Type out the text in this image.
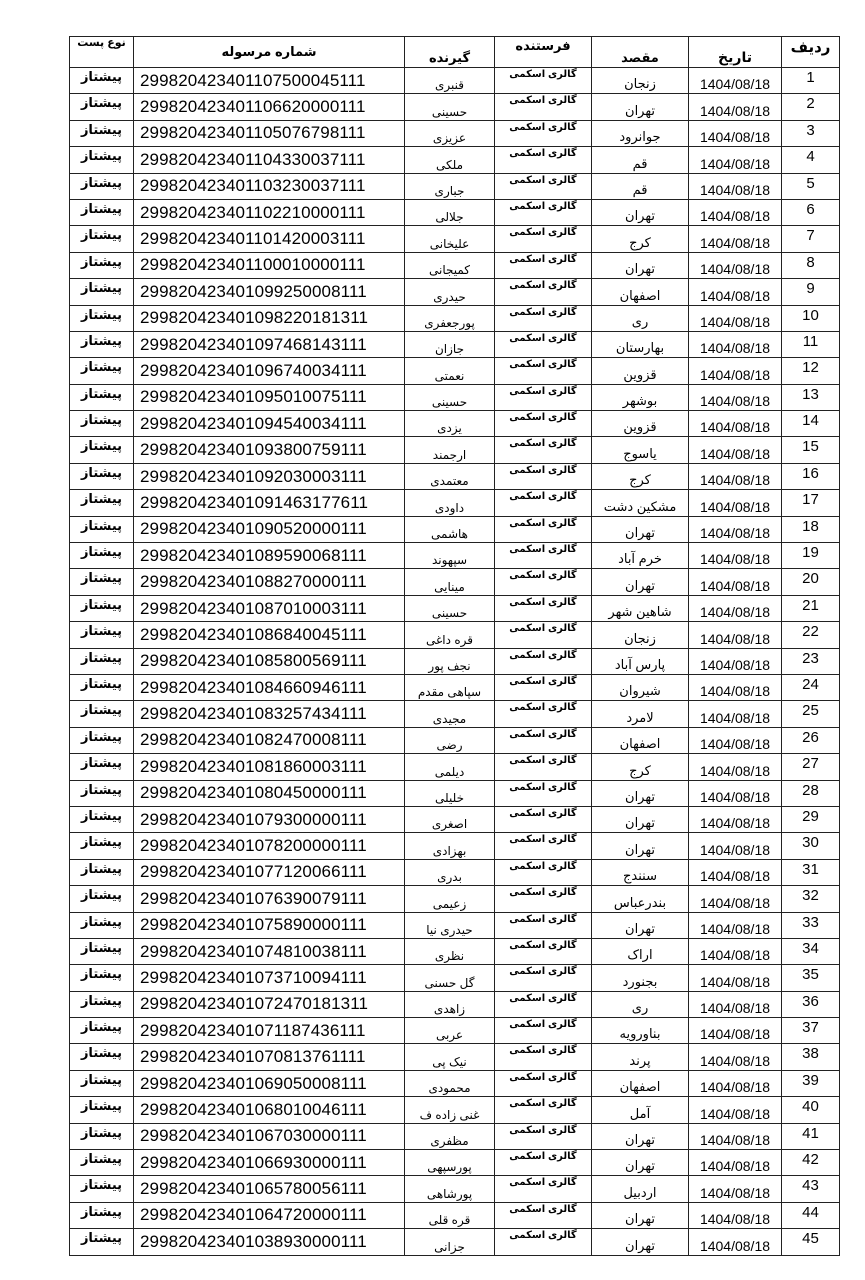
ردیف	تاریخ	مقصد	فرستنده	گیرنده	شماره مرسوله	نوع پست
1	1404/08/18	زنجان	گالری اسکمی	قنبری	299820423401107500045111	پیشتاز
2	1404/08/18	تهران	گالری اسکمی	حسینی	299820423401106620000111	پیشتاز
3	1404/08/18	جوانرود	گالری اسکمی	عزیزی	299820423401105076798111	پیشتاز
4	1404/08/18	قم	گالری اسکمی	ملکی	299820423401104330037111	پیشتاز
5	1404/08/18	قم	گالری اسکمی	جباری	299820423401103230037111	پیشتاز
6	1404/08/18	تهران	گالری اسکمی	جلالی	299820423401102210000111	پیشتاز
7	1404/08/18	کرج	گالری اسکمی	علیخانی	299820423401101420003111	پیشتاز
8	1404/08/18	تهران	گالری اسکمی	کمیجانی	299820423401100010000111	پیشتاز
9	1404/08/18	اصفهان	گالری اسکمی	حیدری	299820423401099250008111	پیشتاز
10	1404/08/18	ری	گالری اسکمی	پورجعفری	299820423401098220181311	پیشتاز
11	1404/08/18	بهارستان	گالری اسکمی	جازان	299820423401097468143111	پیشتاز
12	1404/08/18	قزوین	گالری اسکمی	نعمتی	299820423401096740034111	پیشتاز
13	1404/08/18	بوشهر	گالری اسکمی	حسینی	299820423401095010075111	پیشتاز
14	1404/08/18	قزوین	گالری اسکمی	یزدی	299820423401094540034111	پیشتاز
15	1404/08/18	یاسوج	گالری اسکمی	ارجمند	299820423401093800759111	پیشتاز
16	1404/08/18	کرج	گالری اسکمی	معتمدی	299820423401092030003111	پیشتاز
17	1404/08/18	مشکین دشت	گالری اسکمی	داودی	299820423401091463177611	پیشتاز
18	1404/08/18	تهران	گالری اسکمی	هاشمی	299820423401090520000111	پیشتاز
19	1404/08/18	خرم آباد	گالری اسکمی	سپهوند	299820423401089590068111	پیشتاز
20	1404/08/18	تهران	گالری اسکمی	مینایی	299820423401088270000111	پیشتاز
21	1404/08/18	شاهین شهر	گالری اسکمی	حسینی	299820423401087010003111	پیشتاز
22	1404/08/18	زنجان	گالری اسکمی	قره داغی	299820423401086840045111	پیشتاز
23	1404/08/18	پارس آباد	گالری اسکمی	نجف پور	299820423401085800569111	پیشتاز
24	1404/08/18	شیروان	گالری اسکمی	سپاهی مقدم	299820423401084660946111	پیشتاز
25	1404/08/18	لامرد	گالری اسکمی	مجیدی	299820423401083257434111	پیشتاز
26	1404/08/18	اصفهان	گالری اسکمی	رضی	299820423401082470008111	پیشتاز
27	1404/08/18	کرج	گالری اسکمی	دیلمی	299820423401081860003111	پیشتاز
28	1404/08/18	تهران	گالری اسکمی	خلیلی	299820423401080450000111	پیشتاز
29	1404/08/18	تهران	گالری اسکمی	اصغری	299820423401079300000111	پیشتاز
30	1404/08/18	تهران	گالری اسکمی	بهزادی	299820423401078200000111	پیشتاز
31	1404/08/18	سنندج	گالری اسکمی	بدری	299820423401077120066111	پیشتاز
32	1404/08/18	بندرعباس	گالری اسکمی	زعیمی	299820423401076390079111	پیشتاز
33	1404/08/18	تهران	گالری اسکمی	حیدری نیا	299820423401075890000111	پیشتاز
34	1404/08/18	اراک	گالری اسکمی	نظری	299820423401074810038111	پیشتاز
35	1404/08/18	بجنورد	گالری اسکمی	گل حسنی	299820423401073710094111	پیشتاز
36	1404/08/18	ری	گالری اسکمی	زاهدی	299820423401072470181311	پیشتاز
37	1404/08/18	بناورویه	گالری اسکمی	عربی	299820423401071187436111	پیشتاز
38	1404/08/18	پرند	گالری اسکمی	نیک پی	299820423401070813761111	پیشتاز
39	1404/08/18	اصفهان	گالری اسکمی	محمودی	299820423401069050008111	پیشتاز
40	1404/08/18	آمل	گالری اسکمی	غنی زاده ف	299820423401068010046111	پیشتاز
41	1404/08/18	تهران	گالری اسکمی	مظفری	299820423401067030000111	پیشتاز
42	1404/08/18	تهران	گالری اسکمی	پورسپهی	299820423401066930000111	پیشتاز
43	1404/08/18	اردبیل	گالری اسکمی	پورشاهی	299820423401065780056111	پیشتاز
44	1404/08/18	تهران	گالری اسکمی	قره قلی	299820423401064720000111	پیشتاز
45	1404/08/18	تهران	گالری اسکمی	جزانی	299820423401038930000111	پیشتاز
